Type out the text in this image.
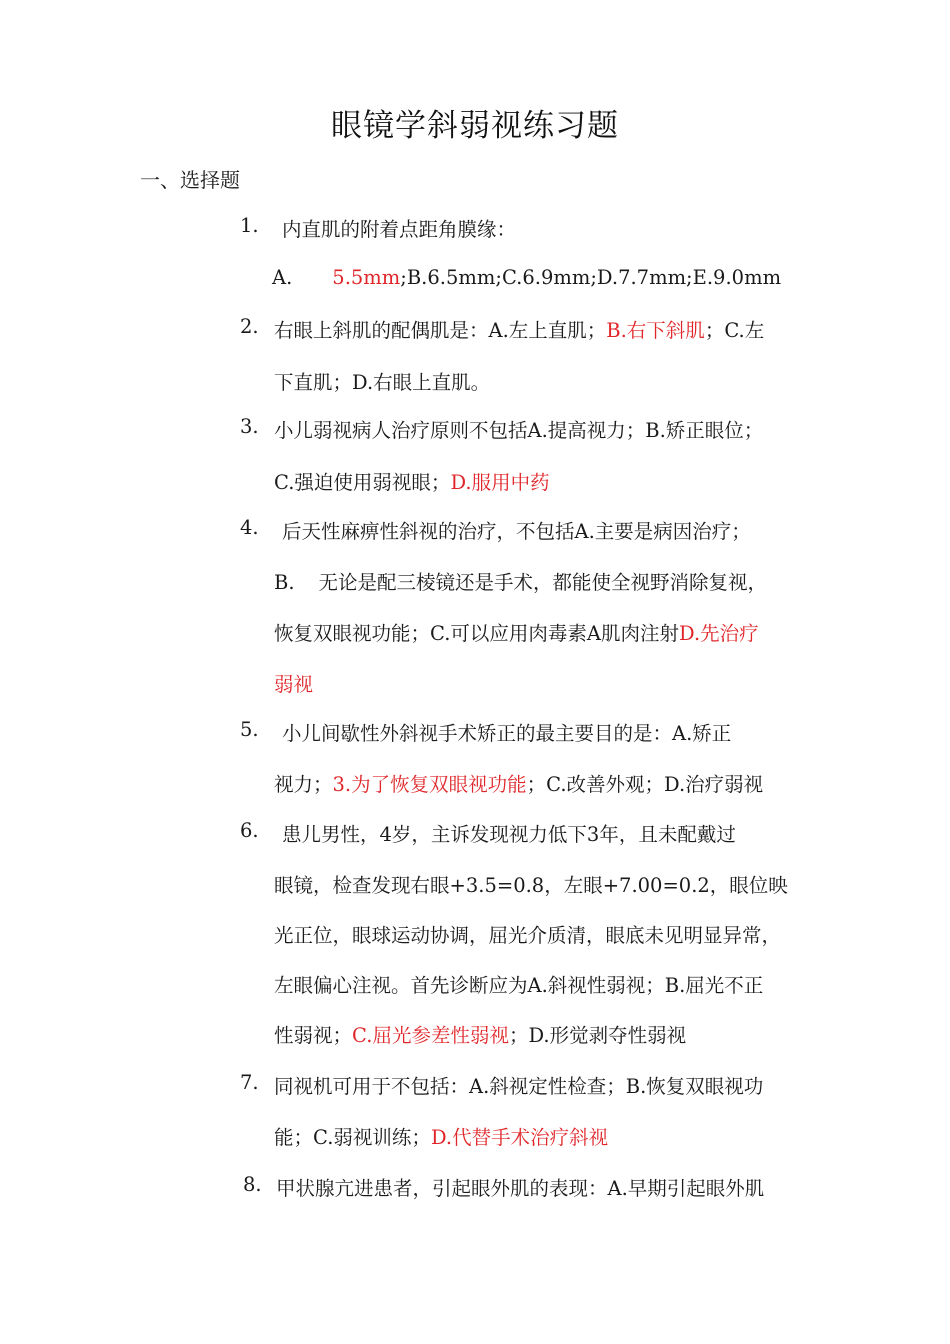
眼镜学斜弱视练习题
一、选择题
1. 内直肌的附着点距角膜缘：
A. 5.5mm;B.6.5mm;C.6.9mm;D.7.7mm;E.9.0mm
2. 右眼上斜肌的配偶肌是：A.左上直肌；B.右下斜肌；C.左
下直肌；D.右眼上直肌。
3. 小儿弱视病人治疗原则不包括A.提高视力；B.矫正眼位；
C.强迫使用弱视眼；D.服用中药
4. 后天性麻痹性斜视的治疗，不包括A.主要是病因治疗；
B. 无论是配三棱镜还是手术，都能使全视野消除复视，
恢复双眼视功能；C.可以应用肉毒素A肌肉注射D.先治疗
弱视
5. 小儿间歇性外斜视手术矫正的最主要目的是：A.矫正
视力；3.为了恢复双眼视功能；C.改善外观；D.治疗弱视
6. 患儿男性，4岁，主诉发现视力低下3年，且未配戴过
眼镜，检查发现右眼+3.5=0.8，左眼+7.00=0.2，眼位映
光正位，眼球运动协调，屈光介质清，眼底未见明显异常，
左眼偏心注视。首先诊断应为A.斜视性弱视；B.屈光不正
性弱视；C.屈光参差性弱视；D.形觉剥夺性弱视
7. 同视机可用于不包括：A.斜视定性检查；B.恢复双眼视功
能；C.弱视训练；D.代替手术治疗斜视
8. 甲状腺亢进患者，引起眼外肌的表现：A.早期引起眼外肌
